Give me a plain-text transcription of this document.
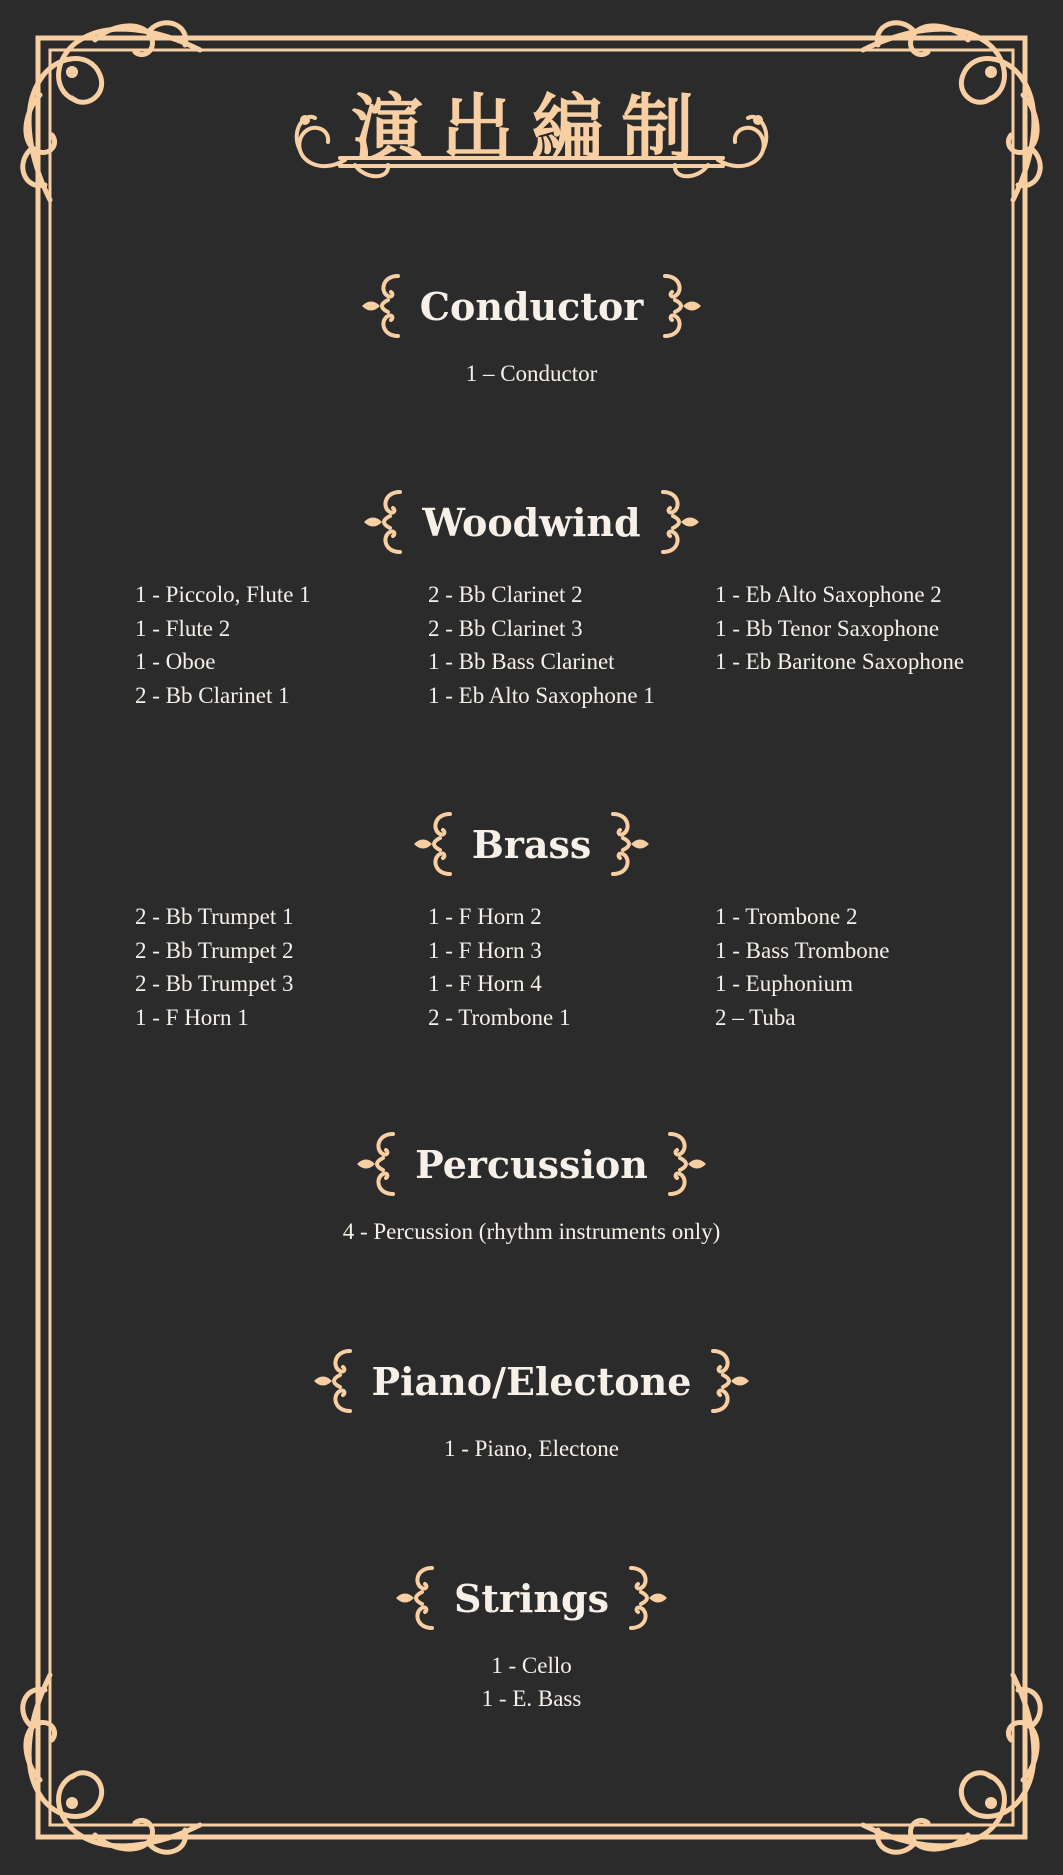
演出編制
Conductor
1 – Conductor
Woodwind
1 - Piccolo, Flute 1
1 - Flute 2
1 - Oboe
2 - Bb Clarinet 1
2 - Bb Clarinet 2
2 - Bb Clarinet 3
1 - Bb Bass Clarinet
1 - Eb Alto Saxophone 1
1 - Eb Alto Saxophone 2
1 - Bb Tenor Saxophone
1 - Eb Baritone Saxophone
Brass
2 - Bb Trumpet 1
2 - Bb Trumpet 2
2 - Bb Trumpet 3
1 - F Horn 1
1 - F Horn 2
1 - F Horn 3
1 - F Horn 4
2 - Trombone 1
1 - Trombone 2
1 - Bass Trombone
1 - Euphonium
2 – Tuba
Percussion
4 - Percussion (rhythm instruments only)
Piano/Electone
1 - Piano, Electone
Strings
1 - Cello
1 - E. Bass
